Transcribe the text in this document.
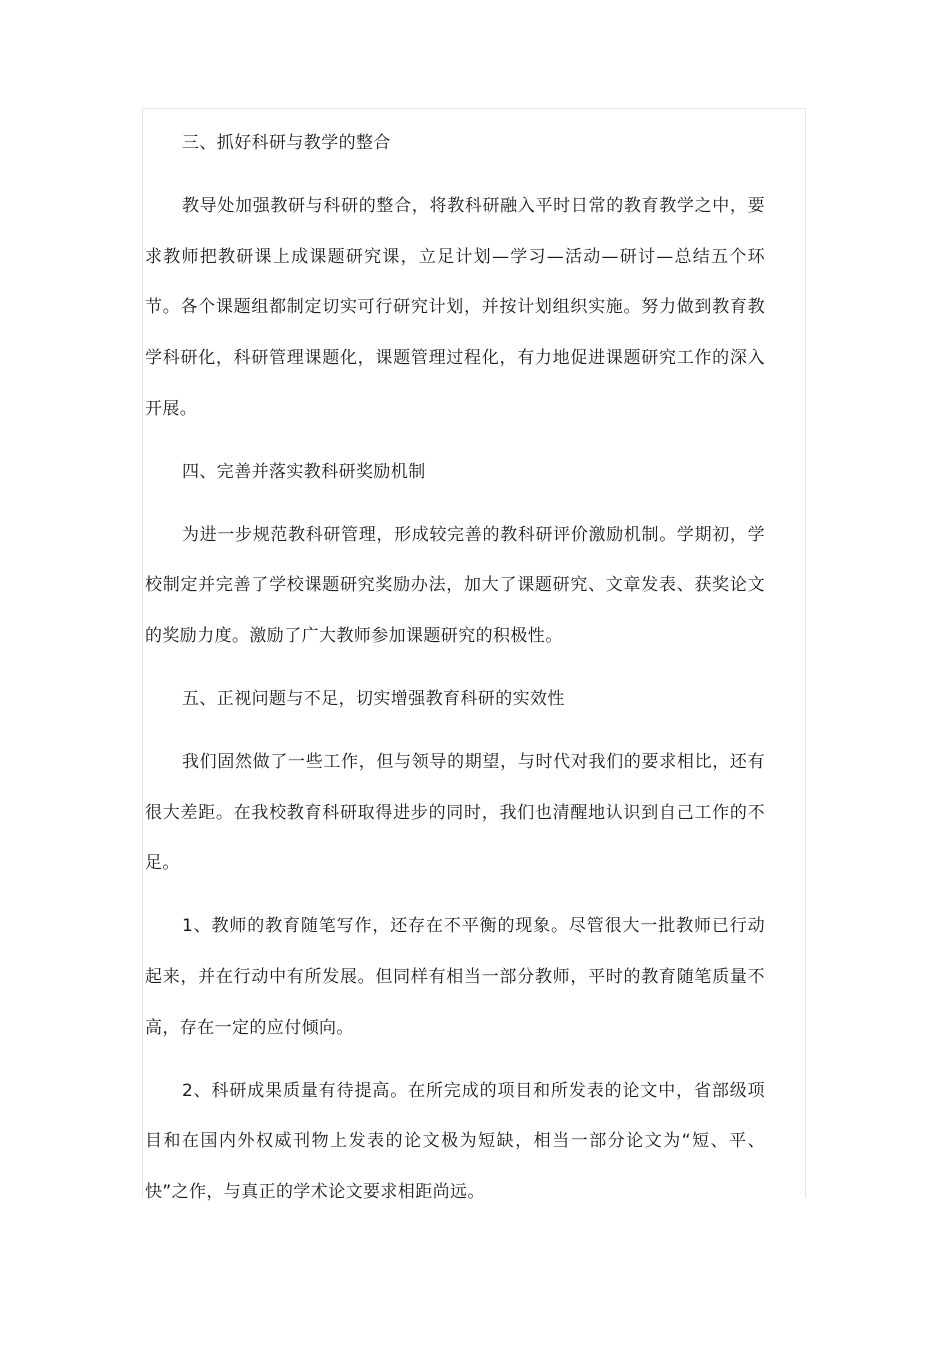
三、抓好科研与教学的整合

教导处加强教研与科研的整合，将教科研融入平时日常的教育教学之中，要求教师把教研课上成课题研究课，立足计划—学习—活动—研讨—总结五个环节。各个课题组都制定切实可行研究计划，并按计划组织实施。努力做到教育教学科研化，科研管理课题化，课题管理过程化，有力地促进课题研究工作的深入开展。

四、完善并落实教科研奖励机制

为进一步规范教科研管理，形成较完善的教科研评价激励机制。学期初，学校制定并完善了学校课题研究奖励办法，加大了课题研究、文章发表、获奖论文的奖励力度。激励了广大教师参加课题研究的积极性。

五、正视问题与不足，切实增强教育科研的实效性

我们固然做了一些工作，但与领导的期望，与时代对我们的要求相比，还有很大差距。在我校教育科研取得进步的同时，我们也清醒地认识到自己工作的不足。

1、教师的教育随笔写作，还存在不平衡的现象。尽管很大一批教师已行动起来，并在行动中有所发展。但同样有相当一部分教师，平时的教育随笔质量不高，存在一定的应付倾向。

2、科研成果质量有待提高。在所完成的项目和所发表的论文中，省部级项目和在国内外权威刊物上发表的论文极为短缺，相当一部分论文为“短、平、快”之作，与真正的学术论文要求相距尚远。
